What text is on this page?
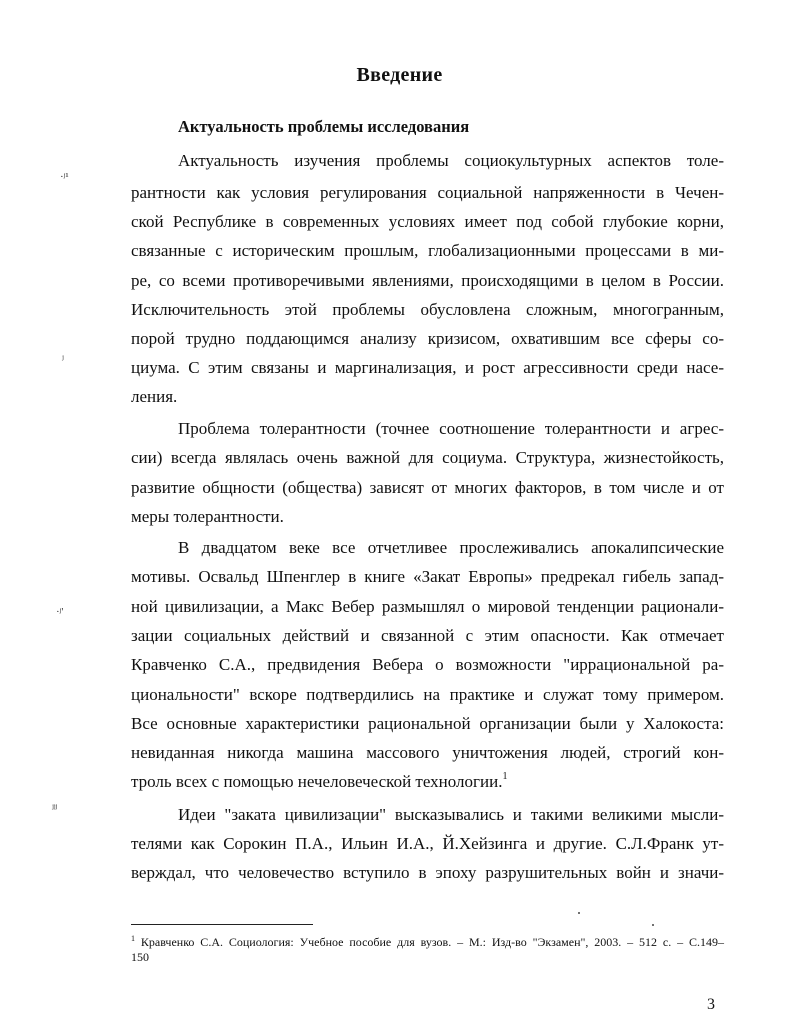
Введение
Актуальность проблемы исследования
Актуальность изучения проблемы социокультурных аспектов толе-
рантности как условия регулирования социальной напряженности в Чечен-
ской Республике в современных условиях имеет под собой глубокие корни,
связанные с историческим прошлым, глобализационными процессами в ми-
ре, со всеми противоречивыми явлениями, происходящими в целом в России.
Исключительность этой проблемы обусловлена сложным, многогранным,
порой трудно поддающимся анализу кризисом, охватившим все сферы со-
циума. С этим связаны и маргинализация, и рост агрессивности среди насе-
ления.
Проблема толерантности (точнее соотношение толерантности и агрес-
сии) всегда являлась очень важной для социума. Структура, жизнестойкость,
развитие общности (общества) зависят от многих факторов, в том числе и от
меры толерантности.
В двадцатом веке все отчетливее прослеживались апокалипсические
мотивы. Освальд Шпенглер в книге «Закат Европы» предрекал гибель запад-
ной цивилизации, а Макс Вебер размышлял о мировой тенденции рационали-
зации социальных действий и связанной с этим опасности. Как отмечает
Кравченко С.А., предвидения Вебера о возможности "иррациональной ра-
циональности" вскоре подтвердились на практике и служат тому примером.
Все основные характеристики рациональной организации были у Халокоста:
невиданная никогда машина массового уничтожения людей, строгий кон-
троль всех с помощью нечеловеческой технологии.$^1$
Идеи "заката цивилизации" высказывались и такими великими мысли-
телями как Сорокин П.А., Ильин И.А., Й.Хейзинга и другие. С.Л.Франк ут-
верждал, что человечество вступило в эпоху разрушительных войн и значи-
·ʲ¹
ʲ
·ʲ'
ʲʲʲ
$^1$ Кравченко С.А. Социология: Учебное пособие для вузов. – М.: Изд-во "Экзамен", 2003. – 512 с. – С.149–
150
3
